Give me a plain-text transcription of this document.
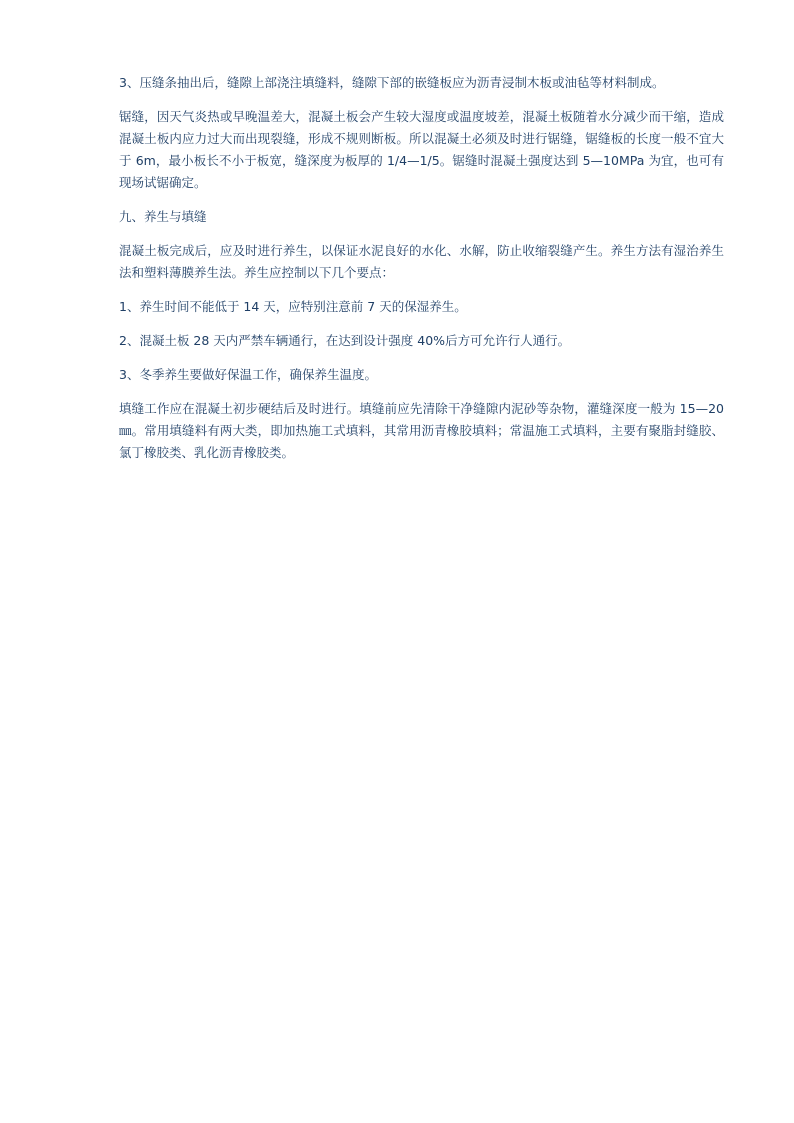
3、压缝条抽出后，缝隙上部浇注填缝料，缝隙下部的嵌缝板应为沥青浸制木板或油毡等材料制成。

锯缝，因天气炎热或早晚温差大，混凝土板会产生较大湿度或温度坡差，混凝土板随着水分减少而干缩，造成混凝土板内应力过大而出现裂缝，形成不规则断板。所以混凝土必须及时进行锯缝，锯缝板的长度一般不宜大于 6m，最小板长不小于板宽，缝深度为板厚的 1/4—1/5。锯缝时混凝土强度达到 5—10MPa 为宜，也可有现场试锯确定。

九、养生与填缝

混凝土板完成后，应及时进行养生，以保证水泥良好的水化、水解，防止收缩裂缝产生。养生方法有湿治养生法和塑料薄膜养生法。养生应控制以下几个要点：

1、养生时间不能低于 14 天，应特别注意前 7 天的保湿养生。

2、混凝土板 28 天内严禁车辆通行，在达到设计强度 40%后方可允许行人通行。

3、冬季养生要做好保温工作，确保养生温度。

填缝工作应在混凝土初步硬结后及时进行。填缝前应先清除干净缝隙内泥砂等杂物，灌缝深度一般为 15—20㎜。常用填缝料有两大类，即加热施工式填料，其常用沥青橡胶填料；常温施工式填料，主要有聚脂封缝胶、氯丁橡胶类、乳化沥青橡胶类。
